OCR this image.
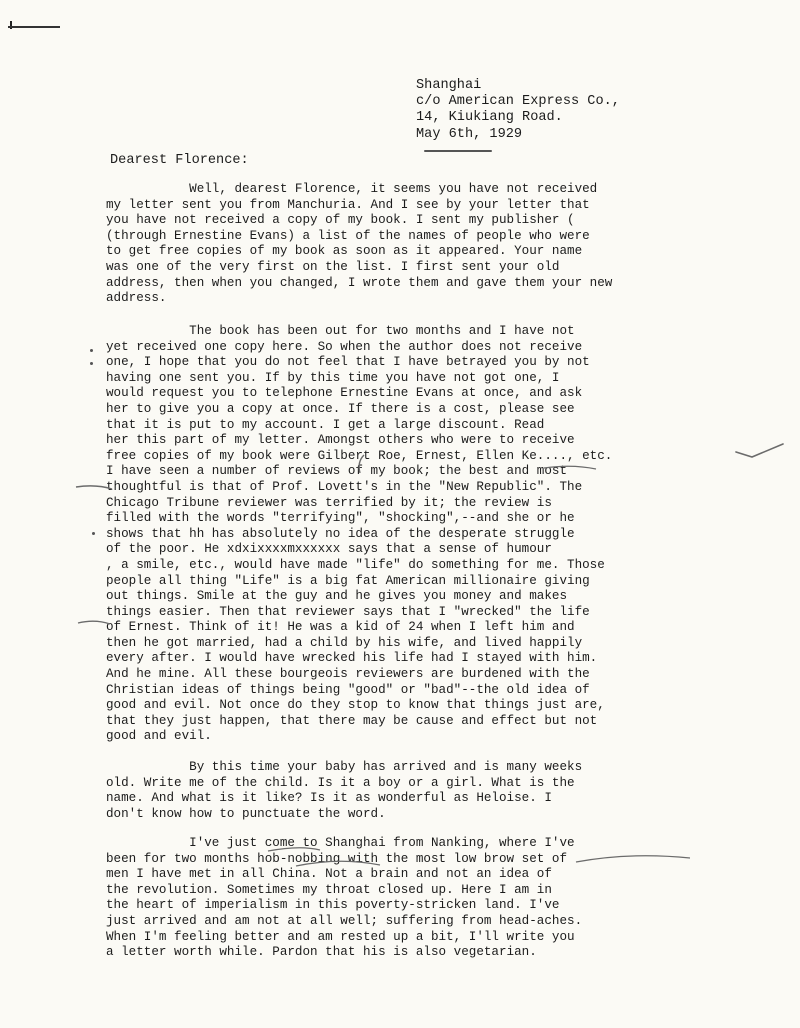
Shanghai
c/o American Express Co.,
14, Kiukiang Road.
May 6th, 1929
Dearest Florence:
Well, dearest Florence, it seems you have not received
my letter sent you from Manchuria. And I see by your letter that
you have not received a copy of my book. I sent my publisher (
(through Ernestine Evans) a list of the names of people who were
to get free copies of my book as soon as it appeared. Your name
was one of the very first on the list. I first sent your old
address, then when you changed, I wrote them and gave them your new
address.
The book has been out for two months and I have not
yet received one copy here. So when the author does not receive
one, I hope that you do not feel that I have betrayed you by not
having one sent you. If by this time you have not got one, I
would request you to telephone Ernestine Evans at once, and ask
her to give you a copy at once. If there is a cost, please see
that it is put to my account. I get a large discount. Read
her this part of my letter. Amongst others who were to receive
free copies of my book were Gilbert Roe, Ernest, Ellen Ke...., etc.
I have seen a number of reviews of my book; the best and most
thoughtful is that of Prof. Lovett's in the "New Republic". The
Chicago Tribune reviewer was terrified by it; the review is
filled with the words "terrifying", "shocking",--and she or he
shows that hh has absolutely no idea of the desperate struggle
of the poor. He xdxixxxxmxxxxxx says that a sense of humour
, a smile, etc., would have made "life" do something for me. Those
people all thing "Life" is a big fat American millionaire giving
out things. Smile at the guy and he gives you money and makes
things easier. Then that reviewer says that I "wrecked" the life
of Ernest. Think of it! He was a kid of 24 when I left him and
then he got married, had a child by his wife, and lived happily
every after. I would have wrecked his life had I stayed with him.
And he mine. All these bourgeois reviewers are burdened with the
Christian ideas of things being "good" or "bad"--the old idea of
good and evil. Not once do they stop to know that things just are,
that they just happen, that there may be cause and effect but not
good and evil.
By this time your baby has arrived and is many weeks
old. Write me of the child. Is it a boy or a girl. What is the
name. And what is it like? Is it as wonderful as Heloise. I
don't know how to punctuate the word.
I've just come to Shanghai from Nanking, where I've
been for two months hob-nobbing with the most low brow set of
men I have met in all China. Not a brain and not an idea of
the revolution. Sometimes my throat closed up. Here I am in
the heart of imperialism in this poverty-stricken land. I've
just arrived and am not at all well; suffering from head-aches.
When I'm feeling better and am rested up a bit, I'll write you
a letter worth while. Pardon that his is also vegetarian.
